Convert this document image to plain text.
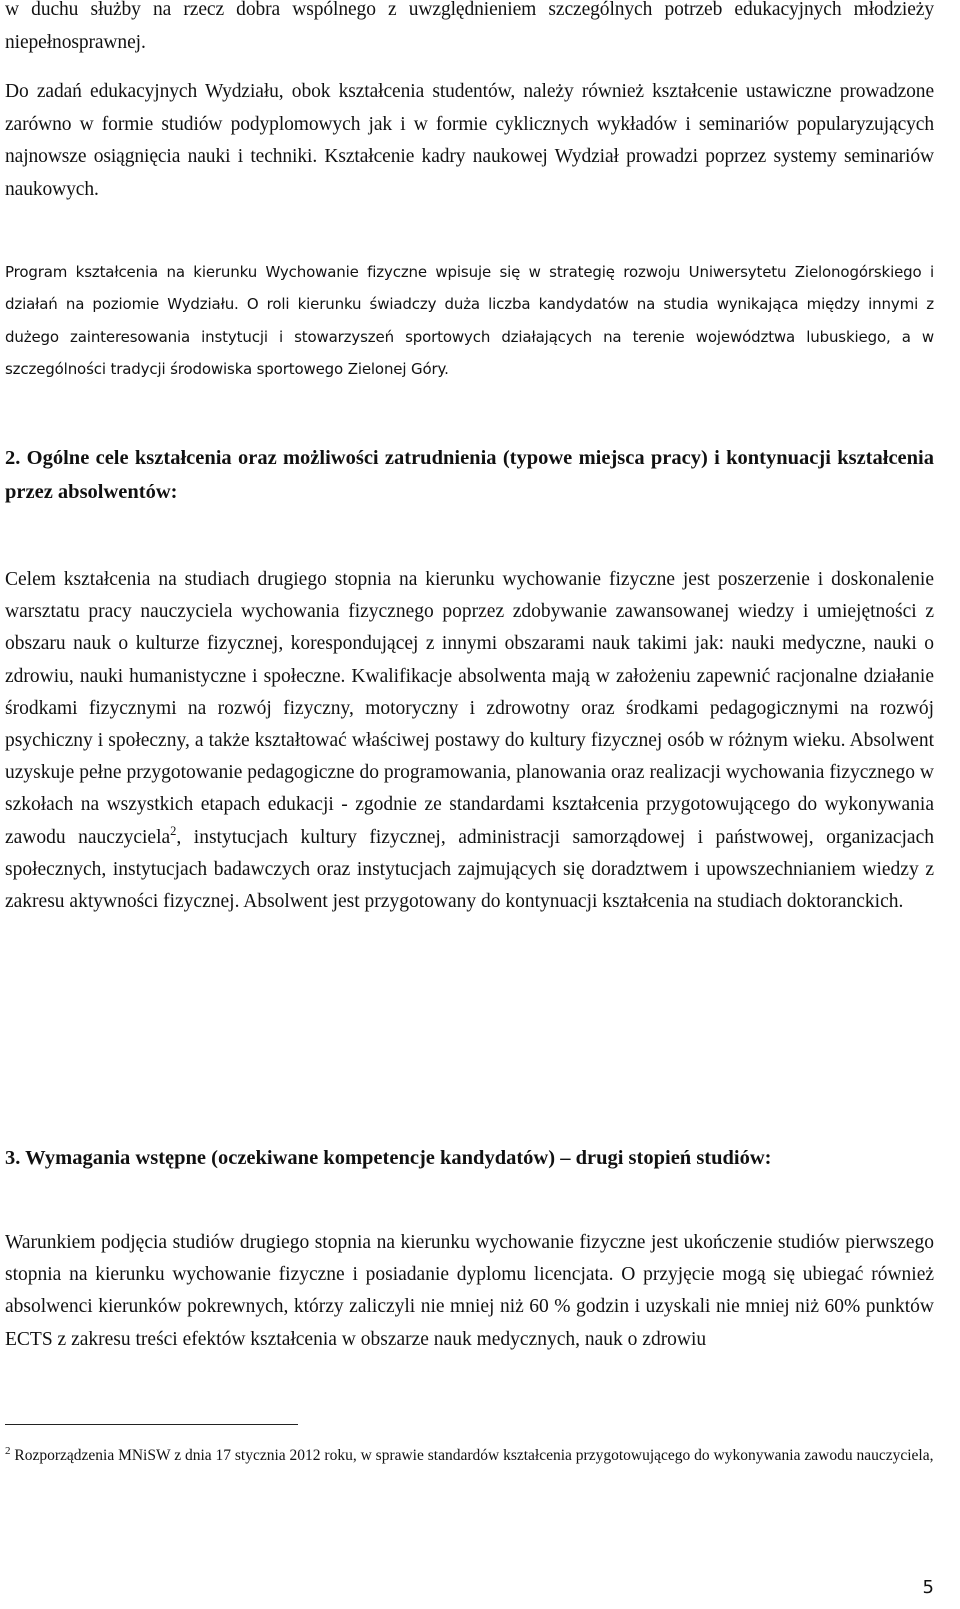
w duchu służby na rzecz dobra wspólnego z uwzględnieniem szczególnych potrzeb edukacyjnych młodzieży niepełnosprawnej.

Do zadań edukacyjnych Wydziału, obok kształcenia studentów, należy również kształcenie ustawiczne prowadzone zarówno w formie studiów podyplomowych jak i w formie cyklicznych wykładów i seminariów popularyzujących najnowsze osiągnięcia nauki i techniki. Kształcenie kadry naukowej Wydział prowadzi poprzez systemy seminariów naukowych.

Program kształcenia na kierunku Wychowanie fizyczne wpisuje się w strategię rozwoju Uniwersytetu Zielonogórskiego i działań na poziomie Wydziału. O roli kierunku świadczy duża liczba kandydatów na studia wynikająca między innymi z dużego zainteresowania instytucji i stowarzyszeń sportowych działających na terenie województwa lubuskiego, a w szczególności tradycji środowiska sportowego Zielonej Góry.

2. Ogólne cele kształcenia oraz możliwości zatrudnienia (typowe miejsca pracy) i kontynuacji kształcenia przez absolwentów:

Celem kształcenia na studiach drugiego stopnia na kierunku wychowanie fizyczne jest poszerzenie i doskonalenie warsztatu pracy nauczyciela wychowania fizycznego poprzez zdobywanie zawansowanej wiedzy i umiejętności z obszaru nauk o kulturze fizycznej, korespondującej z innymi obszarami nauk takimi jak: nauki medyczne, nauki o zdrowiu, nauki humanistyczne i społeczne. Kwalifikacje absolwenta mają w założeniu zapewnić racjonalne działanie środkami fizycznymi na rozwój fizyczny, motoryczny i zdrowotny oraz środkami pedagogicznymi na rozwój psychiczny i społeczny, a także kształtować właściwej postawy do kultury fizycznej osób w różnym wieku. Absolwent uzyskuje pełne przygotowanie pedagogiczne do programowania, planowania oraz realizacji wychowania fizycznego w szkołach na wszystkich etapach edukacji - zgodnie ze standardami kształcenia przygotowującego do wykonywania zawodu nauczyciela$^2$, instytucjach kultury fizycznej, administracji samorządowej i państwowej, organizacjach społecznych, instytucjach badawczych oraz instytucjach zajmujących się doradztwem i upowszechnianiem wiedzy z zakresu aktywności fizycznej. Absolwent jest przygotowany do kontynuacji kształcenia na studiach doktoranckich.

3. Wymagania wstępne (oczekiwane kompetencje kandydatów) – drugi stopień studiów:

Warunkiem podjęcia studiów drugiego stopnia na kierunku wychowanie fizyczne jest ukończenie studiów pierwszego stopnia na kierunku wychowanie fizyczne i posiadanie dyplomu licencjata. O przyjęcie mogą się ubiegać również absolwenci kierunków pokrewnych, którzy zaliczyli nie mniej niż 60 % godzin i uzyskali nie mniej niż 60% punktów ECTS z zakresu treści efektów kształcenia w obszarze nauk medycznych, nauk o zdrowiu

$^2$ Rozporządzenia MNiSW z dnia 17 stycznia 2012 roku, w sprawie standardów kształcenia przygotowującego do wykonywania zawodu nauczyciela,
5
